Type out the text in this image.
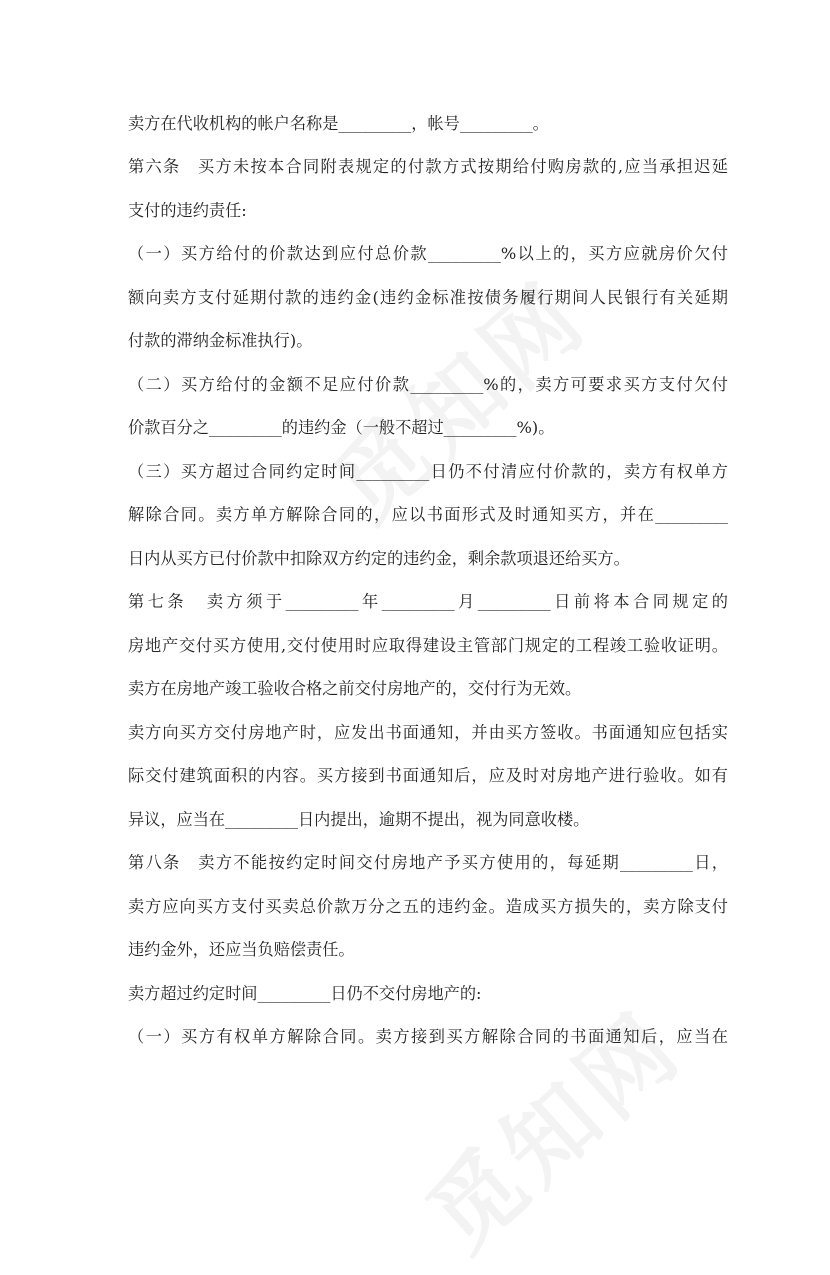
卖方在代收机构的帐户名称是_________，帐号_________。
第六条　买方未按本合同附表规定的付款方式按期给付购房款的,应当承担迟延
支付的违约责任:
（一）买方给付的价款达到应付总价款_________%以上的，买方应就房价欠付
额向卖方支付延期付款的违约金(违约金标准按债务履行期间人民银行有关延期
付款的滞纳金标准执行)。
（二）买方给付的金额不足应付价款_________%的，卖方可要求买方支付欠付
价款百分之_________的违约金（一般不超过_________%)。
（三）买方超过合同约定时间_________日仍不付清应付价款的，卖方有权单方
解除合同。卖方单方解除合同的，应以书面形式及时通知买方，并在_________
日内从买方已付价款中扣除双方约定的违约金，剩余款项退还给买方。
第七条　卖方须于_________年_________月_________日前将本合同规定的
房地产交付买方使用,交付使用时应取得建设主管部门规定的工程竣工验收证明。
卖方在房地产竣工验收合格之前交付房地产的，交付行为无效。
卖方向买方交付房地产时，应发出书面通知，并由买方签收。书面通知应包括实
际交付建筑面积的内容。买方接到书面通知后，应及时对房地产进行验收。如有
异议，应当在_________日内提出，逾期不提出，视为同意收楼。
第八条　卖方不能按约定时间交付房地产予买方使用的，每延期_________日，
卖方应向买方支付买卖总价款万分之五的违约金。造成买方损失的，卖方除支付
违约金外，还应当负赔偿责任。
卖方超过约定时间_________日仍不交付房地产的:
（一）买方有权单方解除合同。卖方接到买方解除合同的书面通知后，应当在
